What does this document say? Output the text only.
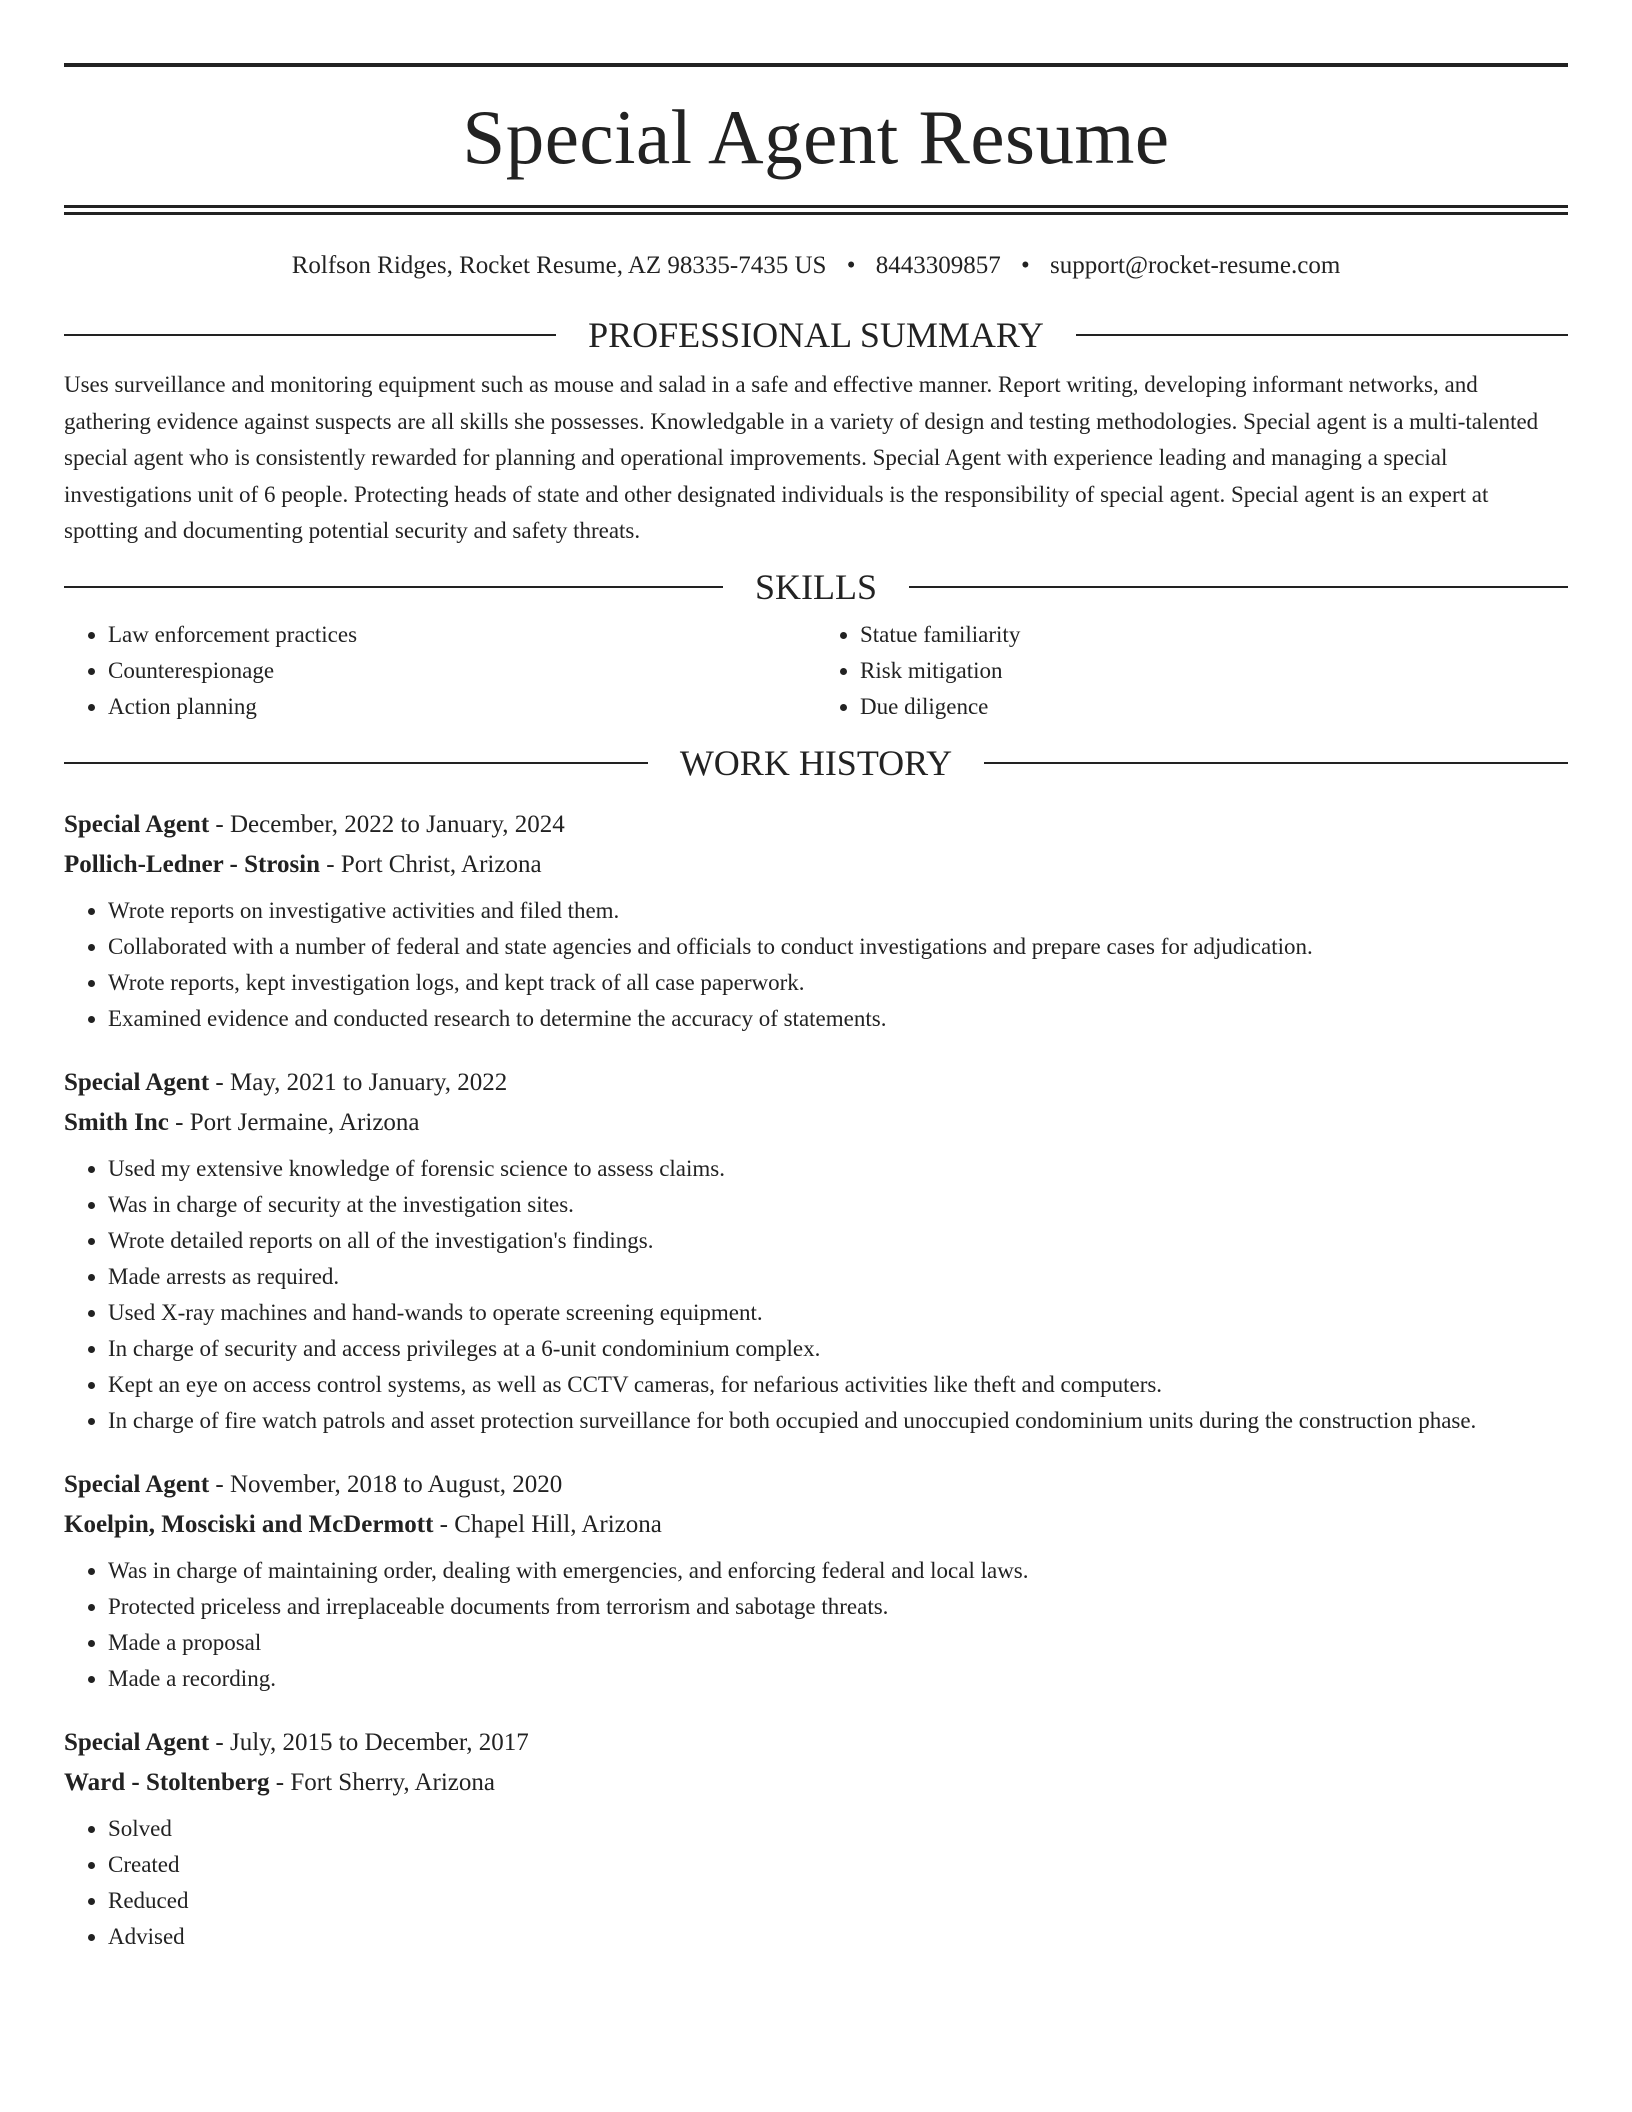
Special Agent Resume
Rolfson Ridges, Rocket Resume, AZ 98335-7435 US • 8443309857 • support@rocket-resume.com
PROFESSIONAL SUMMARY
Uses surveillance and monitoring equipment such as mouse and salad in a safe and effective manner. Report writing, developing informant networks, and gathering evidence against suspects are all skills she possesses. Knowledgable in a variety of design and testing methodologies. Special agent is a multi-talented special agent who is consistently rewarded for planning and operational improvements. Special Agent with experience leading and managing a special investigations unit of 6 people. Protecting heads of state and other designated individuals is the responsibility of special agent. Special agent is an expert at spotting and documenting potential security and safety threats.
SKILLS
• Law enforcement practices
• Counterespionage
• Action planning
• Statue familiarity
• Risk mitigation
• Due diligence
WORK HISTORY
Special Agent - December, 2022 to January, 2024
Pollich-Ledner - Strosin - Port Christ, Arizona
• Wrote reports on investigative activities and filed them.
• Collaborated with a number of federal and state agencies and officials to conduct investigations and prepare cases for adjudication.
• Wrote reports, kept investigation logs, and kept track of all case paperwork.
• Examined evidence and conducted research to determine the accuracy of statements.
Special Agent - May, 2021 to January, 2022
Smith Inc - Port Jermaine, Arizona
• Used my extensive knowledge of forensic science to assess claims.
• Was in charge of security at the investigation sites.
• Wrote detailed reports on all of the investigation's findings.
• Made arrests as required.
• Used X-ray machines and hand-wands to operate screening equipment.
• In charge of security and access privileges at a 6-unit condominium complex.
• Kept an eye on access control systems, as well as CCTV cameras, for nefarious activities like theft and computers.
• In charge of fire watch patrols and asset protection surveillance for both occupied and unoccupied condominium units during the construction phase.
Special Agent - November, 2018 to August, 2020
Koelpin, Mosciski and McDermott - Chapel Hill, Arizona
• Was in charge of maintaining order, dealing with emergencies, and enforcing federal and local laws.
• Protected priceless and irreplaceable documents from terrorism and sabotage threats.
• Made a proposal
• Made a recording.
Special Agent - July, 2015 to December, 2017
Ward - Stoltenberg - Fort Sherry, Arizona
• Solved
• Created
• Reduced
• Advised
